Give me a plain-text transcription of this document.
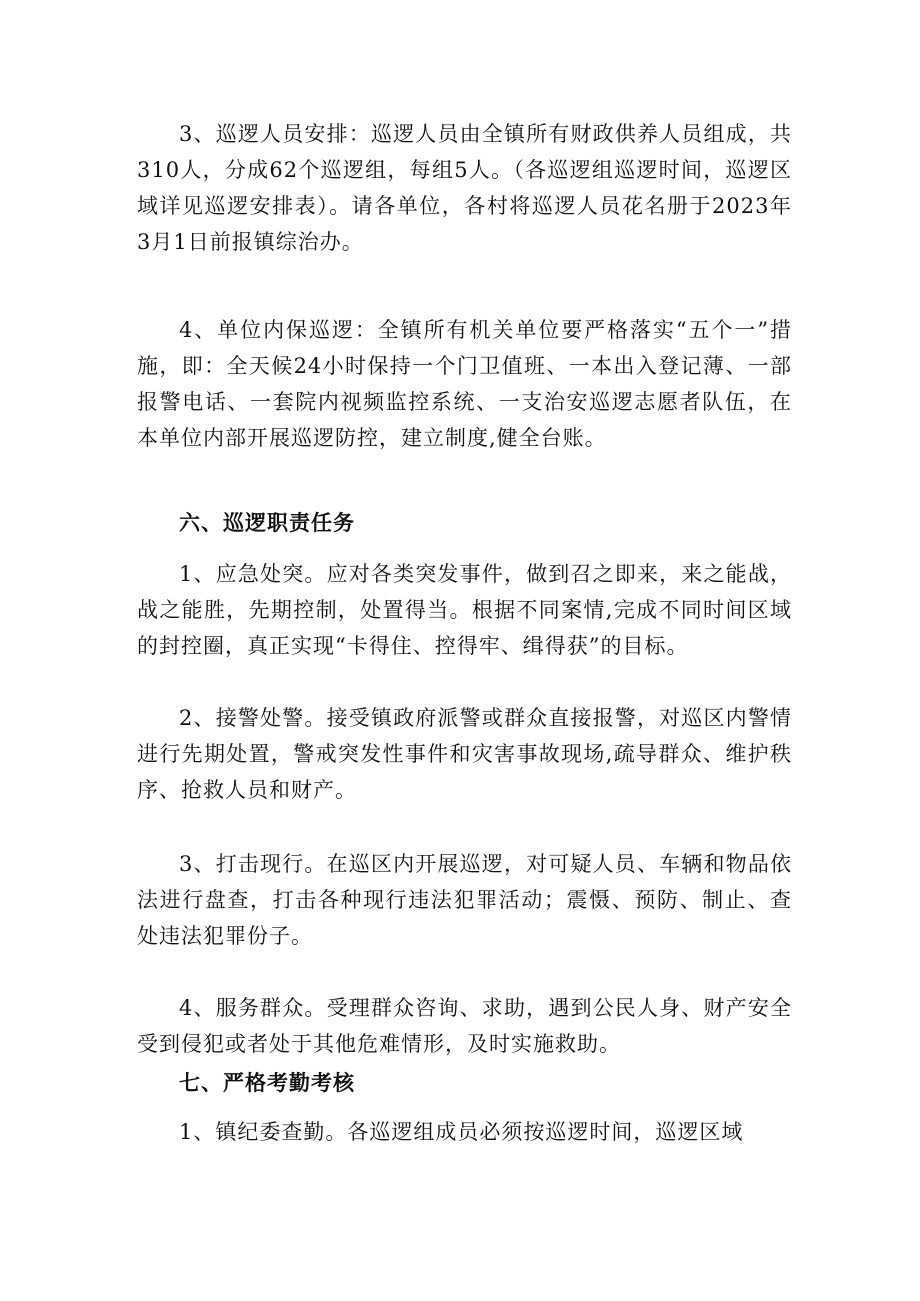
3、巡逻人员安排：巡逻人员由全镇所有财政供养人员组成，共310人，分成62个巡逻组，每组5人。（各巡逻组巡逻时间，巡逻区域详见巡逻安排表）。请各单位，各村将巡逻人员花名册于2023年3月1日前报镇综治办。

4、单位内保巡逻：全镇所有机关单位要严格落实“五个一”措施，即：全天候24小时保持一个门卫值班、一本出入登记薄、一部报警电话、一套院内视频监控系统、一支治安巡逻志愿者队伍，在本单位内部开展巡逻防控，建立制度,健全台账。

六、巡逻职责任务

1、应急处突。应对各类突发事件，做到召之即来，来之能战，战之能胜，先期控制，处置得当。根据不同案情,完成不同时间区域的封控圈，真正实现“卡得住、控得牢、缉得获”的目标。

2、接警处警。接受镇政府派警或群众直接报警，对巡区内警情进行先期处置，警戒突发性事件和灾害事故现场,疏导群众、维护秩序、抢救人员和财产。

3、打击现行。在巡区内开展巡逻，对可疑人员、车辆和物品依法进行盘查，打击各种现行违法犯罪活动；震慑、预防、制止、查处违法犯罪份子。

4、服务群众。受理群众咨询、求助，遇到公民人身、财产安全受到侵犯或者处于其他危难情形，及时实施救助。

七、严格考勤考核

1、镇纪委查勤。各巡逻组成员必须按巡逻时间，巡逻区域
